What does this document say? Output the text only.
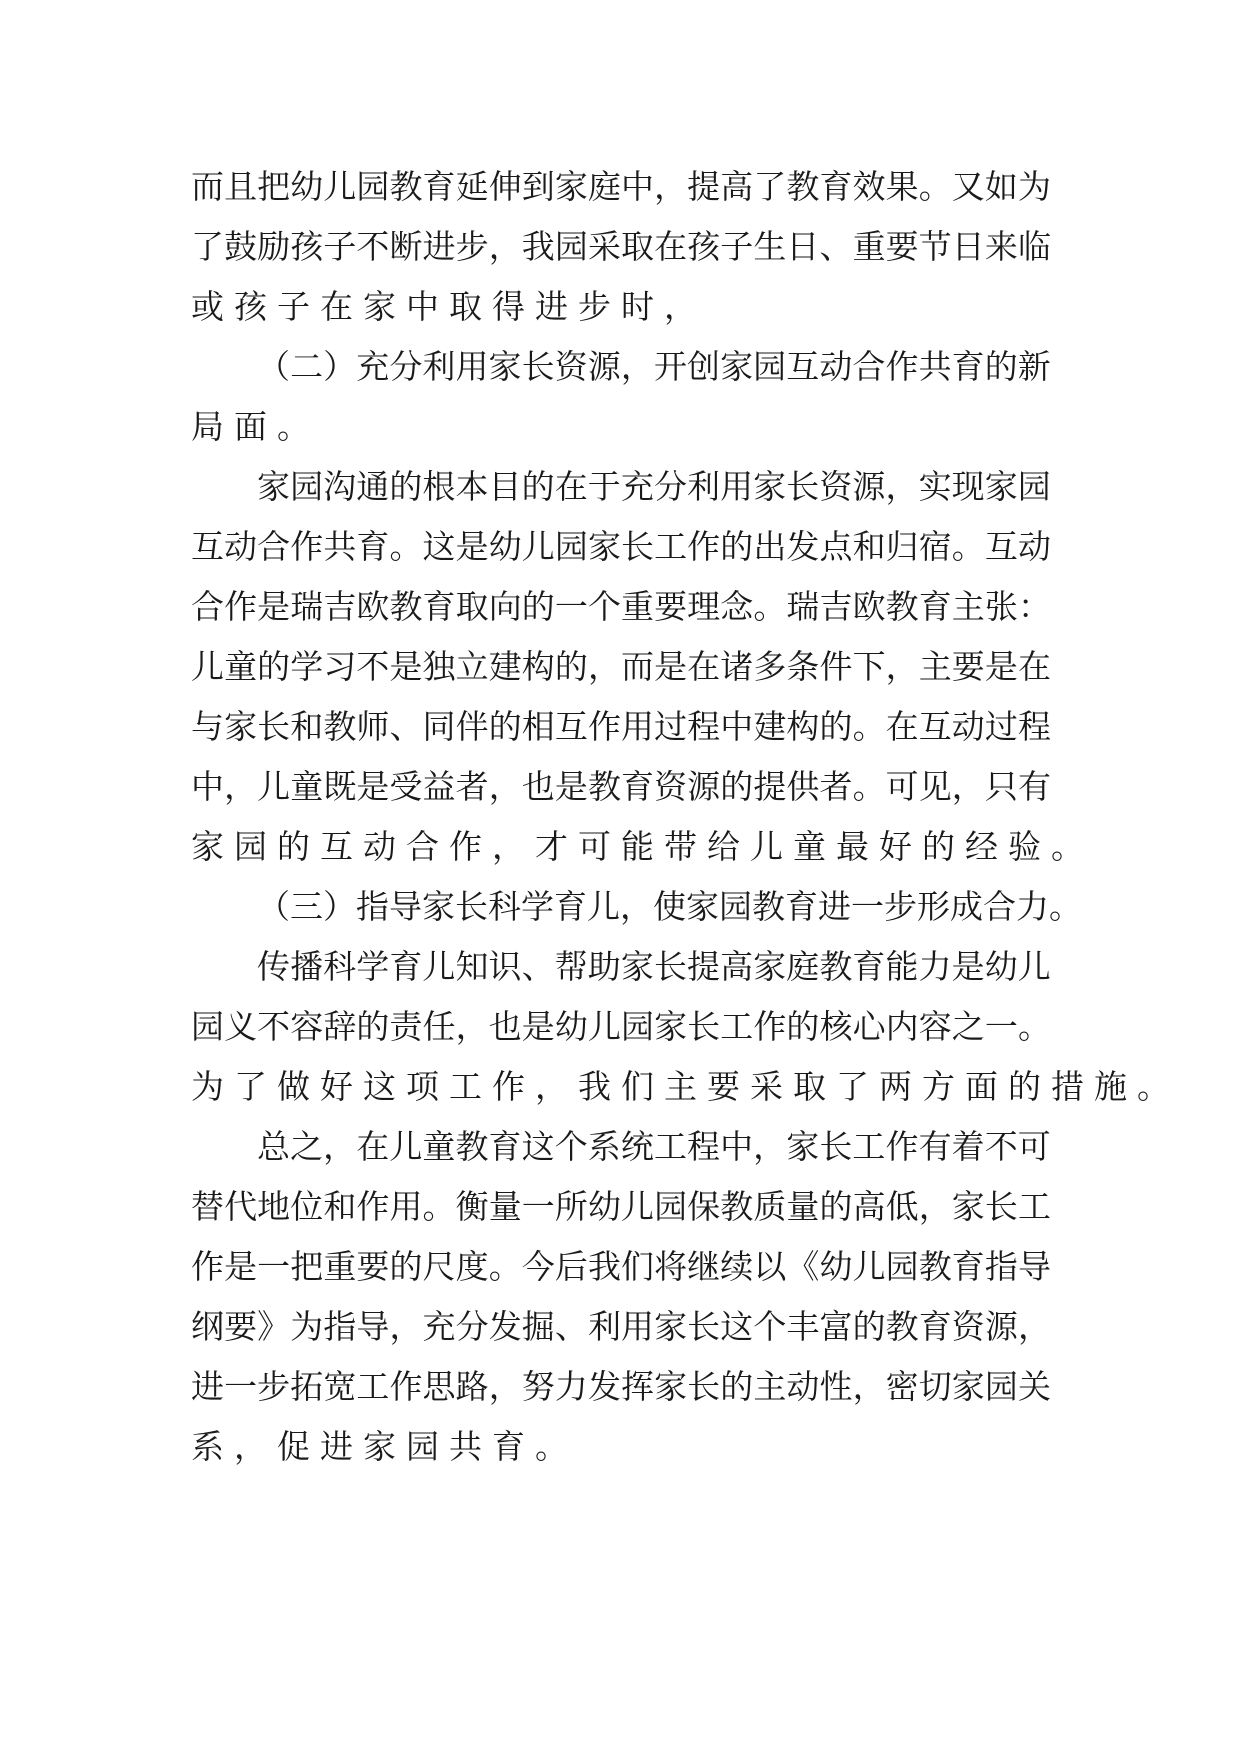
而 且 把 幼 儿 园 教 育 延 伸 到 家 庭 中 ， 提 高 了 教 育 效 果 。 又 如 为
了 鼓 励 孩 子 不 断 进 步 ， 我 园 采 取 在 孩 子 生 日 、 重 要 节 日 来 临
或孩子在家中取得进步时，
（ 二 ） 充 分 利 用 家 长 资 源 ， 开 创 家 园 互 动 合 作 共 育 的 新
局面。
家 园 沟 通 的 根 本 目 的 在 于 充 分 利 用 家 长 资 源 ， 实 现 家 园
互 动 合 作 共 育 。 这 是 幼 儿 园 家 长 工 作 的 出 发 点 和 归 宿 。 互 动
合 作 是 瑞 吉 欧 教 育 取 向 的 一 个 重 要 理 念 。 瑞 吉 欧 教 育 主 张 ：
儿 童 的 学 习 不 是 独 立 建 构 的 ， 而 是 在 诸 多 条 件 下 ， 主 要 是 在
与 家 长 和 教 师 、 同 伴 的 相 互 作 用 过 程 中 建 构 的 。 在 互 动 过 程
中 ， 儿 童 既 是 受 益 者 ， 也 是 教 育 资 源 的 提 供 者 。 可 见 ， 只 有
家园的互动合作，才可能带给儿童最好的经验。
（ 三 ） 指 导 家 长 科 学 育 儿 ， 使 家 园 教 育 进 一 步 形 成 合 力 。
传 播 科 学 育 儿 知 识 、 帮 助 家 长 提 高 家 庭 教 育 能 力 是 幼 儿
园 义 不 容 辞 的 责 任 ， 也 是 幼 儿 园 家 长 工 作 的 核 心 内 容 之 一 。
为了做好这项工作，我们主要采取了两方面的措施。
总 之 ， 在 儿 童 教 育 这 个 系 统 工 程 中 ， 家 长 工 作 有 着 不 可
替 代 地 位 和 作 用 。 衡 量 一 所 幼 儿 园 保 教 质 量 的 高 低 ， 家 长 工
作 是 一 把 重 要 的 尺 度 。 今 后 我 们 将 继 续 以 《 幼 儿 园 教 育 指 导
纲 要 》 为 指 导 ， 充 分 发 掘 、 利 用 家 长 这 个 丰 富 的 教 育 资 源 ，
进 一 步 拓 宽 工 作 思 路 ， 努 力 发 挥 家 长 的 主 动 性 ， 密 切 家 园 关
系，促进家园共育。
